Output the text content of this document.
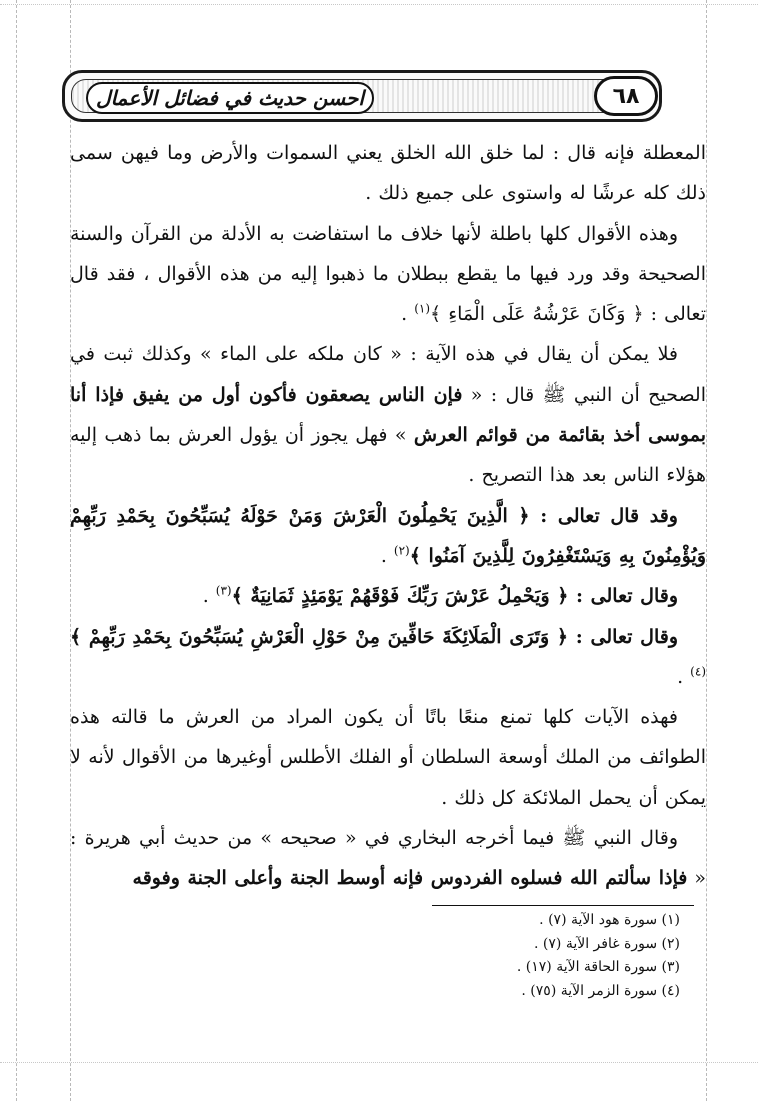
احسن حديث في فضائل الأعمال	٦٨

المعطلة فإنه قال : لما خلق الله الخلق يعني السموات والأرض وما فيهن سمى ذلك كله عرشًا له واستوى على جميع ذلك .

وهذه الأقوال كلها باطلة لأنها خلاف ما استفاضت به الأدلة من القرآن والسنة الصحيحة وقد ورد فيها ما يقطع ببطلان ما ذهبوا إليه من هذه الأقوال ، فقد قال تعالى : ﴿ وَكَانَ عَرْشُهُ عَلَى الْمَاءِ ﴾$^{(١)}$ .

فلا يمكن أن يقال في هذه الآية : « كان ملكه على الماء » وكذلك ثبت في الصحيح أن النبي ﷺ قال : « فإن الناس يصعقون فأكون أول من يفيق فإذا أنا بموسى أخذ بقائمة من قوائم العرش » فهل يجوز أن يؤول العرش بما ذهب إليه هؤلاء الناس بعد هذا التصريح .

وقد قال تعالى : ﴿ الَّذِينَ يَحْمِلُونَ الْعَرْشَ وَمَنْ حَوْلَهُ يُسَبِّحُونَ بِحَمْدِ رَبِّهِمْ وَيُؤْمِنُونَ بِهِ وَيَسْتَغْفِرُونَ لِلَّذِينَ آمَنُوا ﴾$^{(٢)}$ .

وقال تعالى : ﴿ وَيَحْمِلُ عَرْشَ رَبِّكَ فَوْقَهُمْ يَوْمَئِذٍ ثَمَانِيَةٌ ﴾$^{(٣)}$ .

وقال تعالى : ﴿ وَتَرَى الْمَلَائِكَةَ حَافِّينَ مِنْ حَوْلِ الْعَرْشِ يُسَبِّحُونَ بِحَمْدِ رَبِّهِمْ ﴾$^{(٤)}$ .

فهذه الآيات كلها تمنع منعًا باتًا أن يكون المراد من العرش ما قالته هذه الطوائف من الملك أوسعة السلطان أو الفلك الأطلس أوغيرها من الأقوال لأنه لا يمكن أن يحمل الملائكة كل ذلك .

وقال النبي ﷺ فيما أخرجه البخاري في « صحيحه » من حديث أبي هريرة : « فإذا سألتم الله فسلوه الفردوس فإنه أوسط الجنة وأعلى الجنة وفوقه

(١) سورة هود الآية (٧) .
(٢) سورة غافر الآية (٧) .
(٣) سورة الحاقة الآية (١٧) .
(٤) سورة الزمر الآية (٧٥) .
